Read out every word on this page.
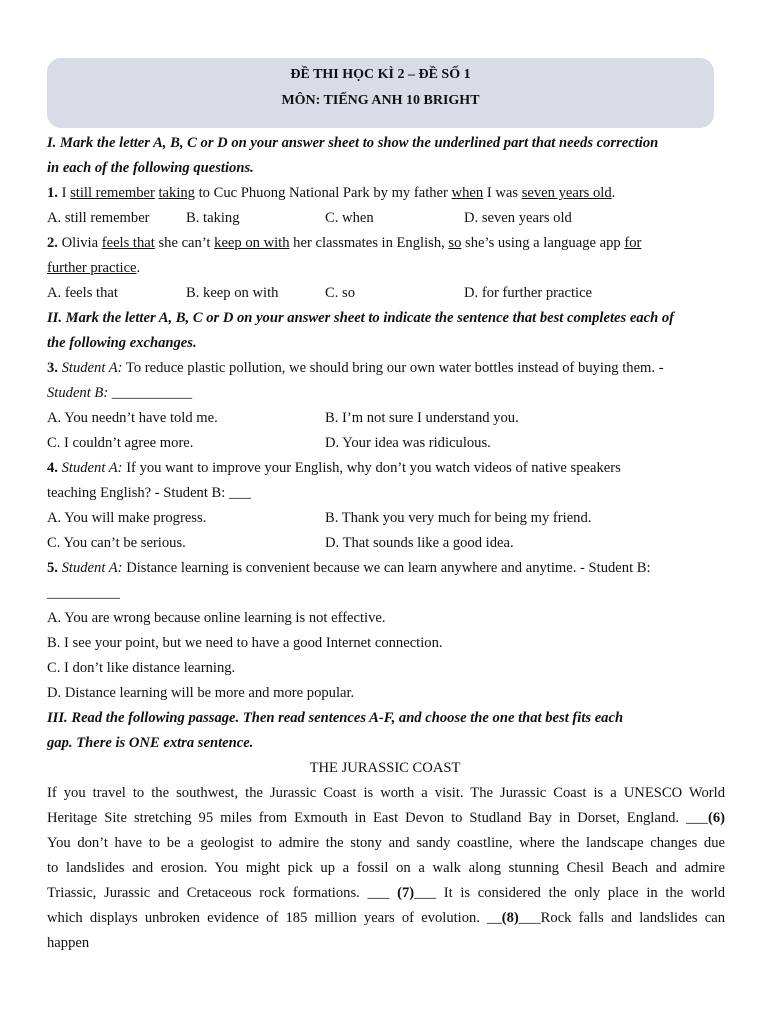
ĐỀ THI HỌC KÌ 2 – ĐỀ SỐ 1
MÔN: TIẾNG ANH 10 BRIGHT
I. Mark the letter A, B, C or D on your answer sheet to show the underlined part that needs correction
in each of the following questions.
1. I still remember taking to Cuc Phuong National Park by my father when I was seven years old.
A. still remember B. taking	C. when	D. seven years old
2. Olivia feels that she can’t keep on with her classmates in English, so she’s using a language app for
further practice.
A. feels that	B. keep on with	C. so	D. for further practice
II. Mark the letter A, B, C or D on your answer sheet to indicate the sentence that best completes each of
the following exchanges.
3. Student A: To reduce plastic pollution, we should bring our own water bottles instead of buying them. -
Student B: ___________
A. You needn’t have told me.	B. I’m not sure I understand you.
C. I couldn’t agree more.	D. Your idea was ridiculous.
4. Student A: If you want to improve your English, why don’t you watch videos of native speakers
teaching English? - Student B: ___
A. You will make progress.	B. Thank you very much for being my friend.
C. You can’t be serious.	D. That sounds like a good idea.
5. Student A: Distance learning is convenient because we can learn anywhere and anytime. - Student B:
__________
A. You are wrong because online learning is not effective.
B. I see your point, but we need to have a good Internet connection.
C. I don’t like distance learning.
D. Distance learning will be more and more popular.
III. Read the following passage. Then read sentences A-F, and choose the one that best fits each
gap. There is ONE extra sentence.
THE JURASSIC COAST
If you travel to the southwest, the Jurassic Coast is worth a visit. The Jurassic Coast is a UNESCO World
Heritage Site stretching 95 miles from Exmouth in East Devon to Studland Bay in Dorset, England. ___(6)
You don’t have to be a geologist to admire the stony and sandy coastline, where the landscape changes due
to landslides and erosion. You might pick up a fossil on a walk along stunning Chesil Beach and admire
Triassic, Jurassic and Cretaceous rock formations. ___ (7)___ It is considered the only place in the world
which displays unbroken evidence of 185 million years of evolution. __(8)___Rock falls and landslides can
happen
